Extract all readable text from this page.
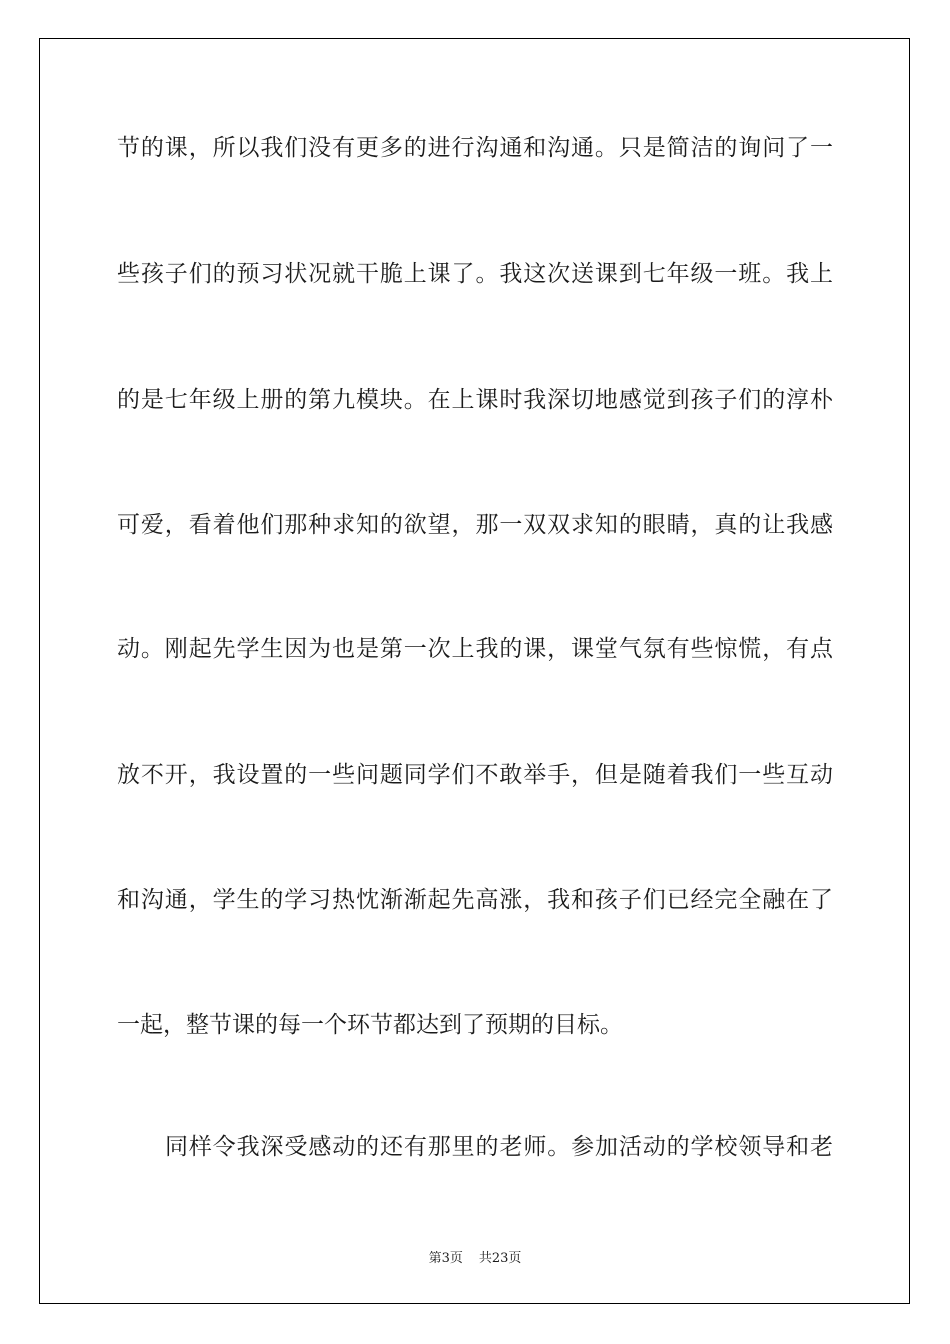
节的课，所以我们没有更多的进行沟通和沟通。只是简洁的询问了一
些孩子们的预习状况就干脆上课了。我这次送课到七年级一班。我上
的是七年级上册的第九模块。在上课时我深切地感觉到孩子们的淳朴
可爱，看着他们那种求知的欲望，那一双双求知的眼睛，真的让我感
动。刚起先学生因为也是第一次上我的课，课堂气氛有些惊慌，有点
放不开，我设置的一些问题同学们不敢举手，但是随着我们一些互动
和沟通，学生的学习热忱渐渐起先高涨，我和孩子们已经完全融在了
一起，整节课的每一个环节都达到了预期的目标。
同样令我深受感动的还有那里的老师。参加活动的学校领导和老
第3页 共23页
